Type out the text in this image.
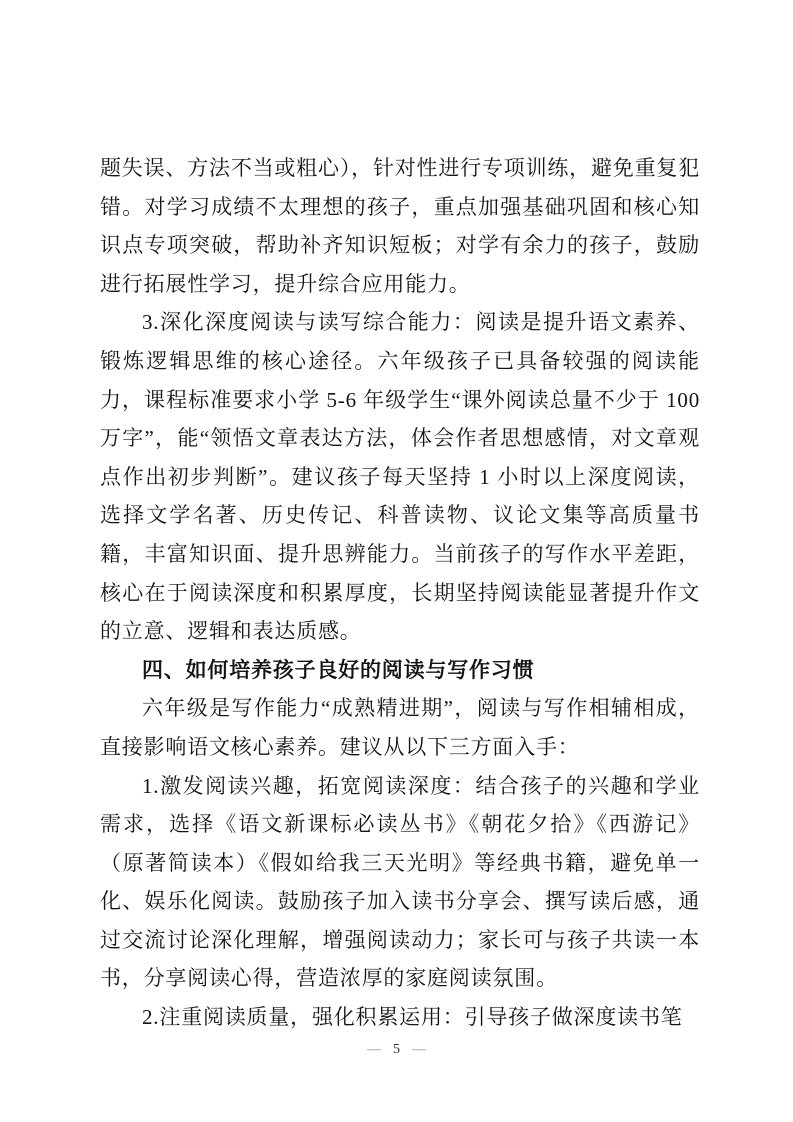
题失误、方法不当或粗心），针对性进行专项训练，避免重复犯错。对学习成绩不太理想的孩子，重点加强基础巩固和核心知识点专项突破，帮助补齐知识短板；对学有余力的孩子，鼓励进行拓展性学习，提升综合应用能力。

3.深化深度阅读与读写综合能力：阅读是提升语文素养、锻炼逻辑思维的核心途径。六年级孩子已具备较强的阅读能力，课程标准要求小学 5-6 年级学生“课外阅读总量不少于 100 万字”，能“领悟文章表达方法，体会作者思想感情，对文章观点作出初步判断”。建议孩子每天坚持 1 小时以上深度阅读，选择文学名著、历史传记、科普读物、议论文集等高质量书籍，丰富知识面、提升思辨能力。当前孩子的写作水平差距，核心在于阅读深度和积累厚度，长期坚持阅读能显著提升作文的立意、逻辑和表达质感。

四、如何培养孩子良好的阅读与写作习惯

六年级是写作能力“成熟精进期”，阅读与写作相辅相成，直接影响语文核心素养。建议从以下三方面入手：

1.激发阅读兴趣，拓宽阅读深度：结合孩子的兴趣和学业需求，选择《语文新课标必读丛书》《朝花夕拾》《西游记》（原著简读本）《假如给我三天光明》等经典书籍，避免单一化、娱乐化阅读。鼓励孩子加入读书分享会、撰写读后感，通过交流讨论深化理解，增强阅读动力；家长可与孩子共读一本书，分享阅读心得，营造浓厚的家庭阅读氛围。

2.注重阅读质量，强化积累运用：引导孩子做深度读书笔

— 5 —
